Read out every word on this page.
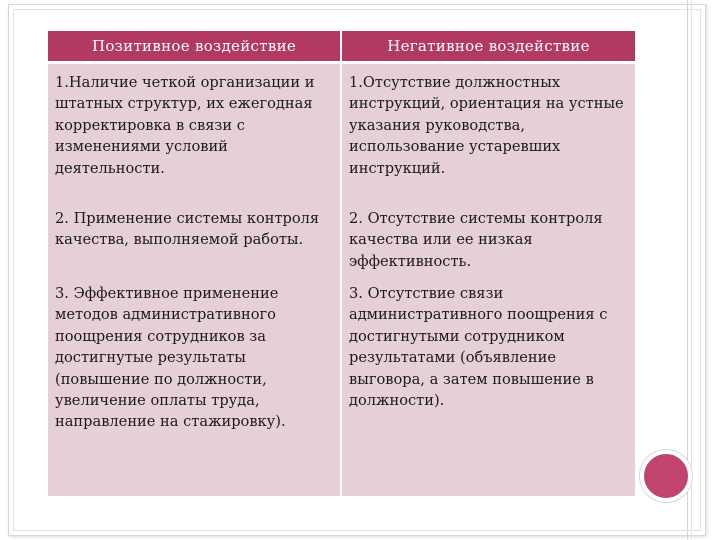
Позитивное воздействие	Негативное воздействие
1.Наличие четкой организации и штатных структур, их ежегодная корректировка в связи с изменениями условий деятельности.	1.Отсутствие должностных инструкций, ориентация на устные указания руководства, использование устаревших инструкций.
2. Применение системы контроля качества, выполняемой работы.	2. Отсутствие системы контроля качества или ее низкая эффективность.
3. Эффективное применение методов административного поощрения сотрудников за достигнутые результаты (повышение по должности, увеличение оплаты труда, направление на стажировку).	3. Отсутствие связи административного поощрения с достигнутыми сотрудником результатами (объявление выговора, а затем повышение в должности).
